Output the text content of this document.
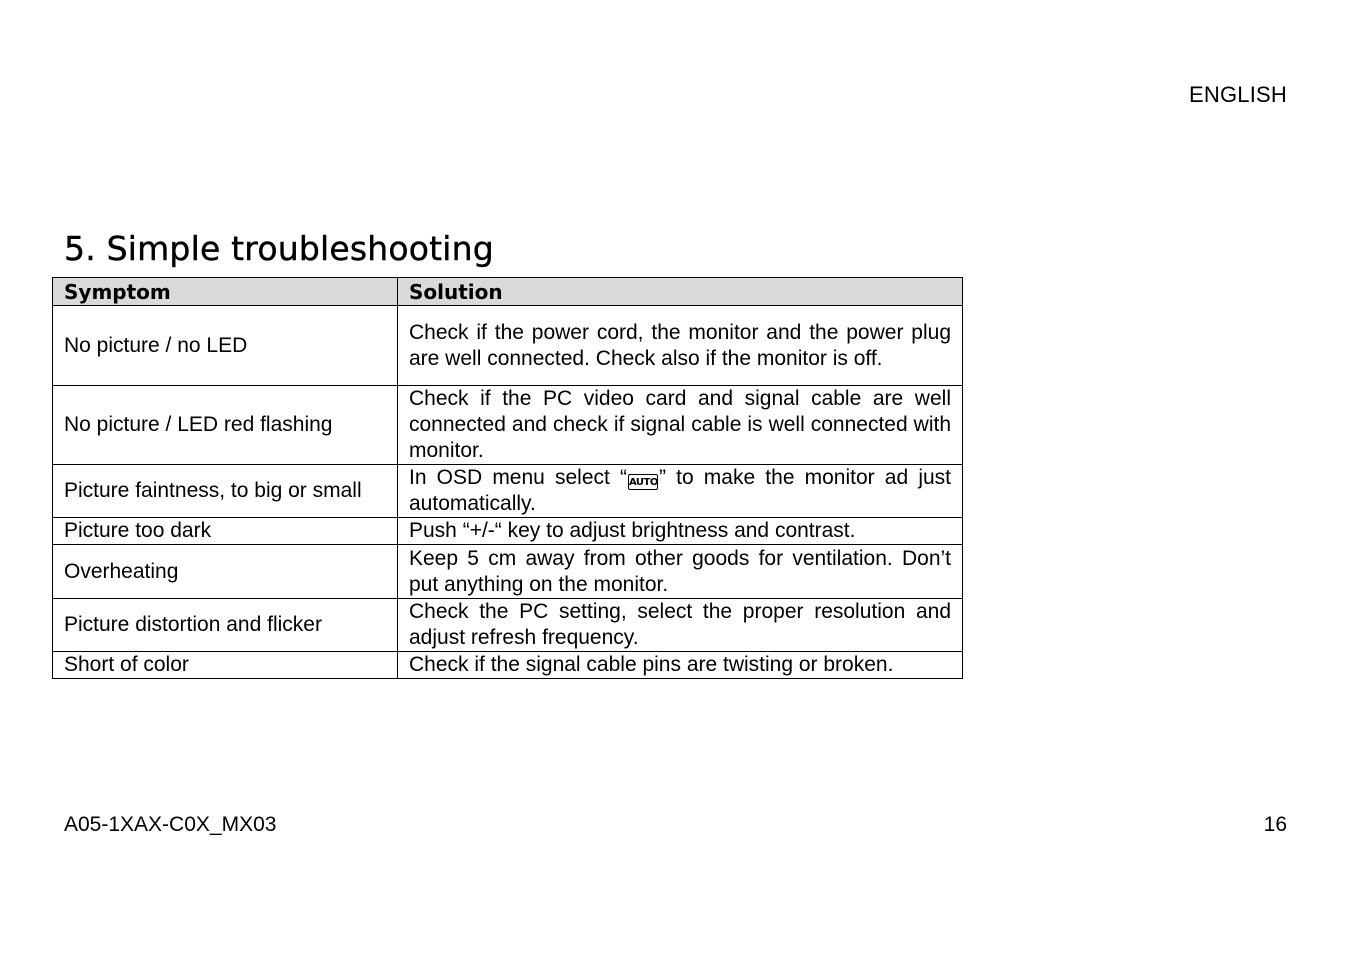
ENGLISH
5. Simple troubleshooting
Symptom	Solution
No picture / no LED	Check if the power cord, the monitor and the power plug are well connected. Check also if the monitor is off.
No picture / LED red flashing	Check if the PC video card and signal cable are well connected and check if signal cable is well connected with monitor.
Picture faintness, to big or small	In OSD menu select “ AUTO” to make the monitor ad just automatically.
Picture too dark	Push “+/-“ key to adjust brightness and contrast.
Overheating	Keep 5 cm away from other goods for ventilation. Don’t put anything on the monitor.
Picture distortion and flicker	Check the PC setting, select the proper resolution and adjust refresh frequency.
Short of color	Check if the signal cable pins are twisting or broken.
A05-1XAX-C0X_MX03	16
